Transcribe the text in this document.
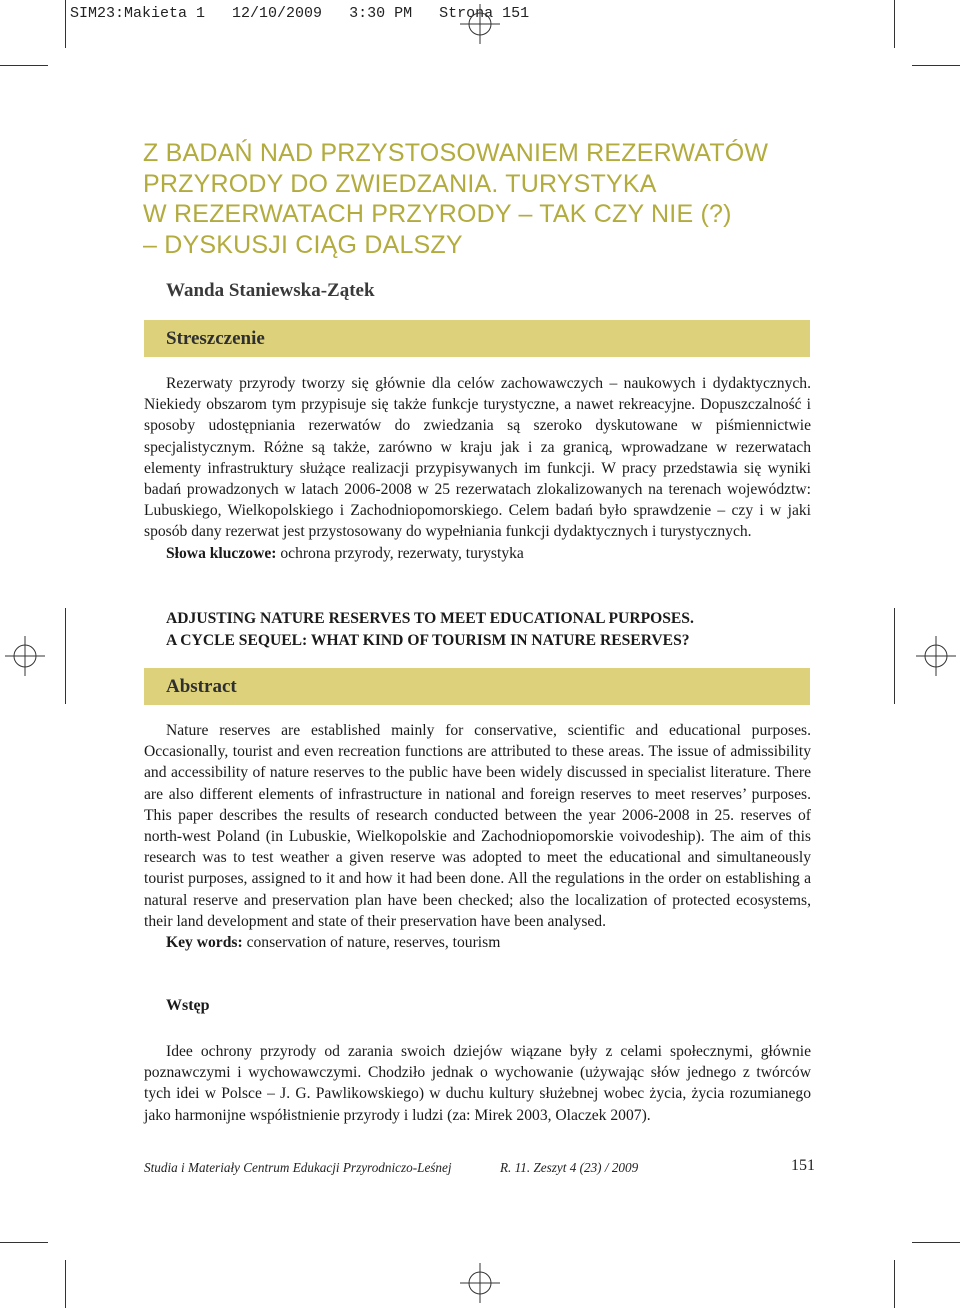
SIM23:Makieta 1 12/10/2009 3:30 PM Strona 151
Z BADAŃ NAD PRZYSTOSOWANIEM REZERWATÓW
PRZYRODY DO ZWIEDZANIA. TURYSTYKA
W REZERWATACH PRZYRODY – TAK CZY NIE (?)
– DYSKUSJI CIĄG DALSZY
Wanda Staniewska-Zątek
Streszczenie

Rezerwaty przyrody tworzy się głównie dla celów zachowawczych – naukowych i dydaktycznych. Niekiedy obszarom tym przypisuje się także funkcje turystyczne, a nawet rekreacyjne. Dopuszczalność i sposoby udostępniania rezerwatów do zwiedzania są szeroko dyskutowane w piśmiennictwie specjalistycznym. Różne są także, zarówno w kraju jak i za granicą, wprowadzane w rezerwatach elementy infrastruktury służące realizacji przypisywanych im funkcji. W pracy przedstawia się wyniki badań prowadzonych w latach 2006-2008 w 25 rezerwatach zlokalizowanych na terenach województw: Lubuskiego, Wielkopolskiego i Zachodniopomorskiego. Celem badań było sprawdzenie – czy i w jaki sposób dany rezerwat jest przystosowany do wypełniania funkcji dydaktycznych i turystycznych.

Słowa kluczowe: ochrona przyrody, rezerwaty, turystyka

ADJUSTING NATURE RESERVES TO MEET EDUCATIONAL PURPOSES.
A CYCLE SEQUEL: WHAT KIND OF TOURISM IN NATURE RESERVES?
Abstract

Nature reserves are established mainly for conservative, scientific and educational purposes. Occasionally, tourist and even recreation functions are attributed to these areas. The issue of admissibility and accessibility of nature reserves to the public have been widely discussed in specialist literature. There are also different elements of infrastructure in national and foreign reserves to meet reserves’ purposes. This paper describes the results of research conducted between the year 2006-2008 in 25. reserves of north-west Poland (in Lubuskie, Wielkopolskie and Zachodniopomorskie voivodeship). The aim of this research was to test weather a given reserve was adopted to meet the educational and simultaneously tourist purposes, assigned to it and how it had been done. All the regulations in the order on establishing a natural reserve and preservation plan have been checked; also the localization of protected ecosystems, their land development and state of their preservation have been analysed.

Key words: conservation of nature, reserves, tourism

Wstęp

Idee ochrony przyrody od zarania swoich dziejów wiązane były z celami społecznymi, głównie poznawczymi i wychowawczymi. Chodziło jednak o wychowanie (używając słów jednego z twórców tych idei w Polsce – J. G. Pawlikowskiego) w duchu kultury służebnej wobec życia, życia rozumianego jako harmonijne współistnienie przyrody i ludzi (za: Mirek 2003, Olaczek 2007).

Studia i Materiały Centrum Edukacji Przyrodniczo-Leśnej	R. 11. Zeszyt 4 (23) / 2009	151
